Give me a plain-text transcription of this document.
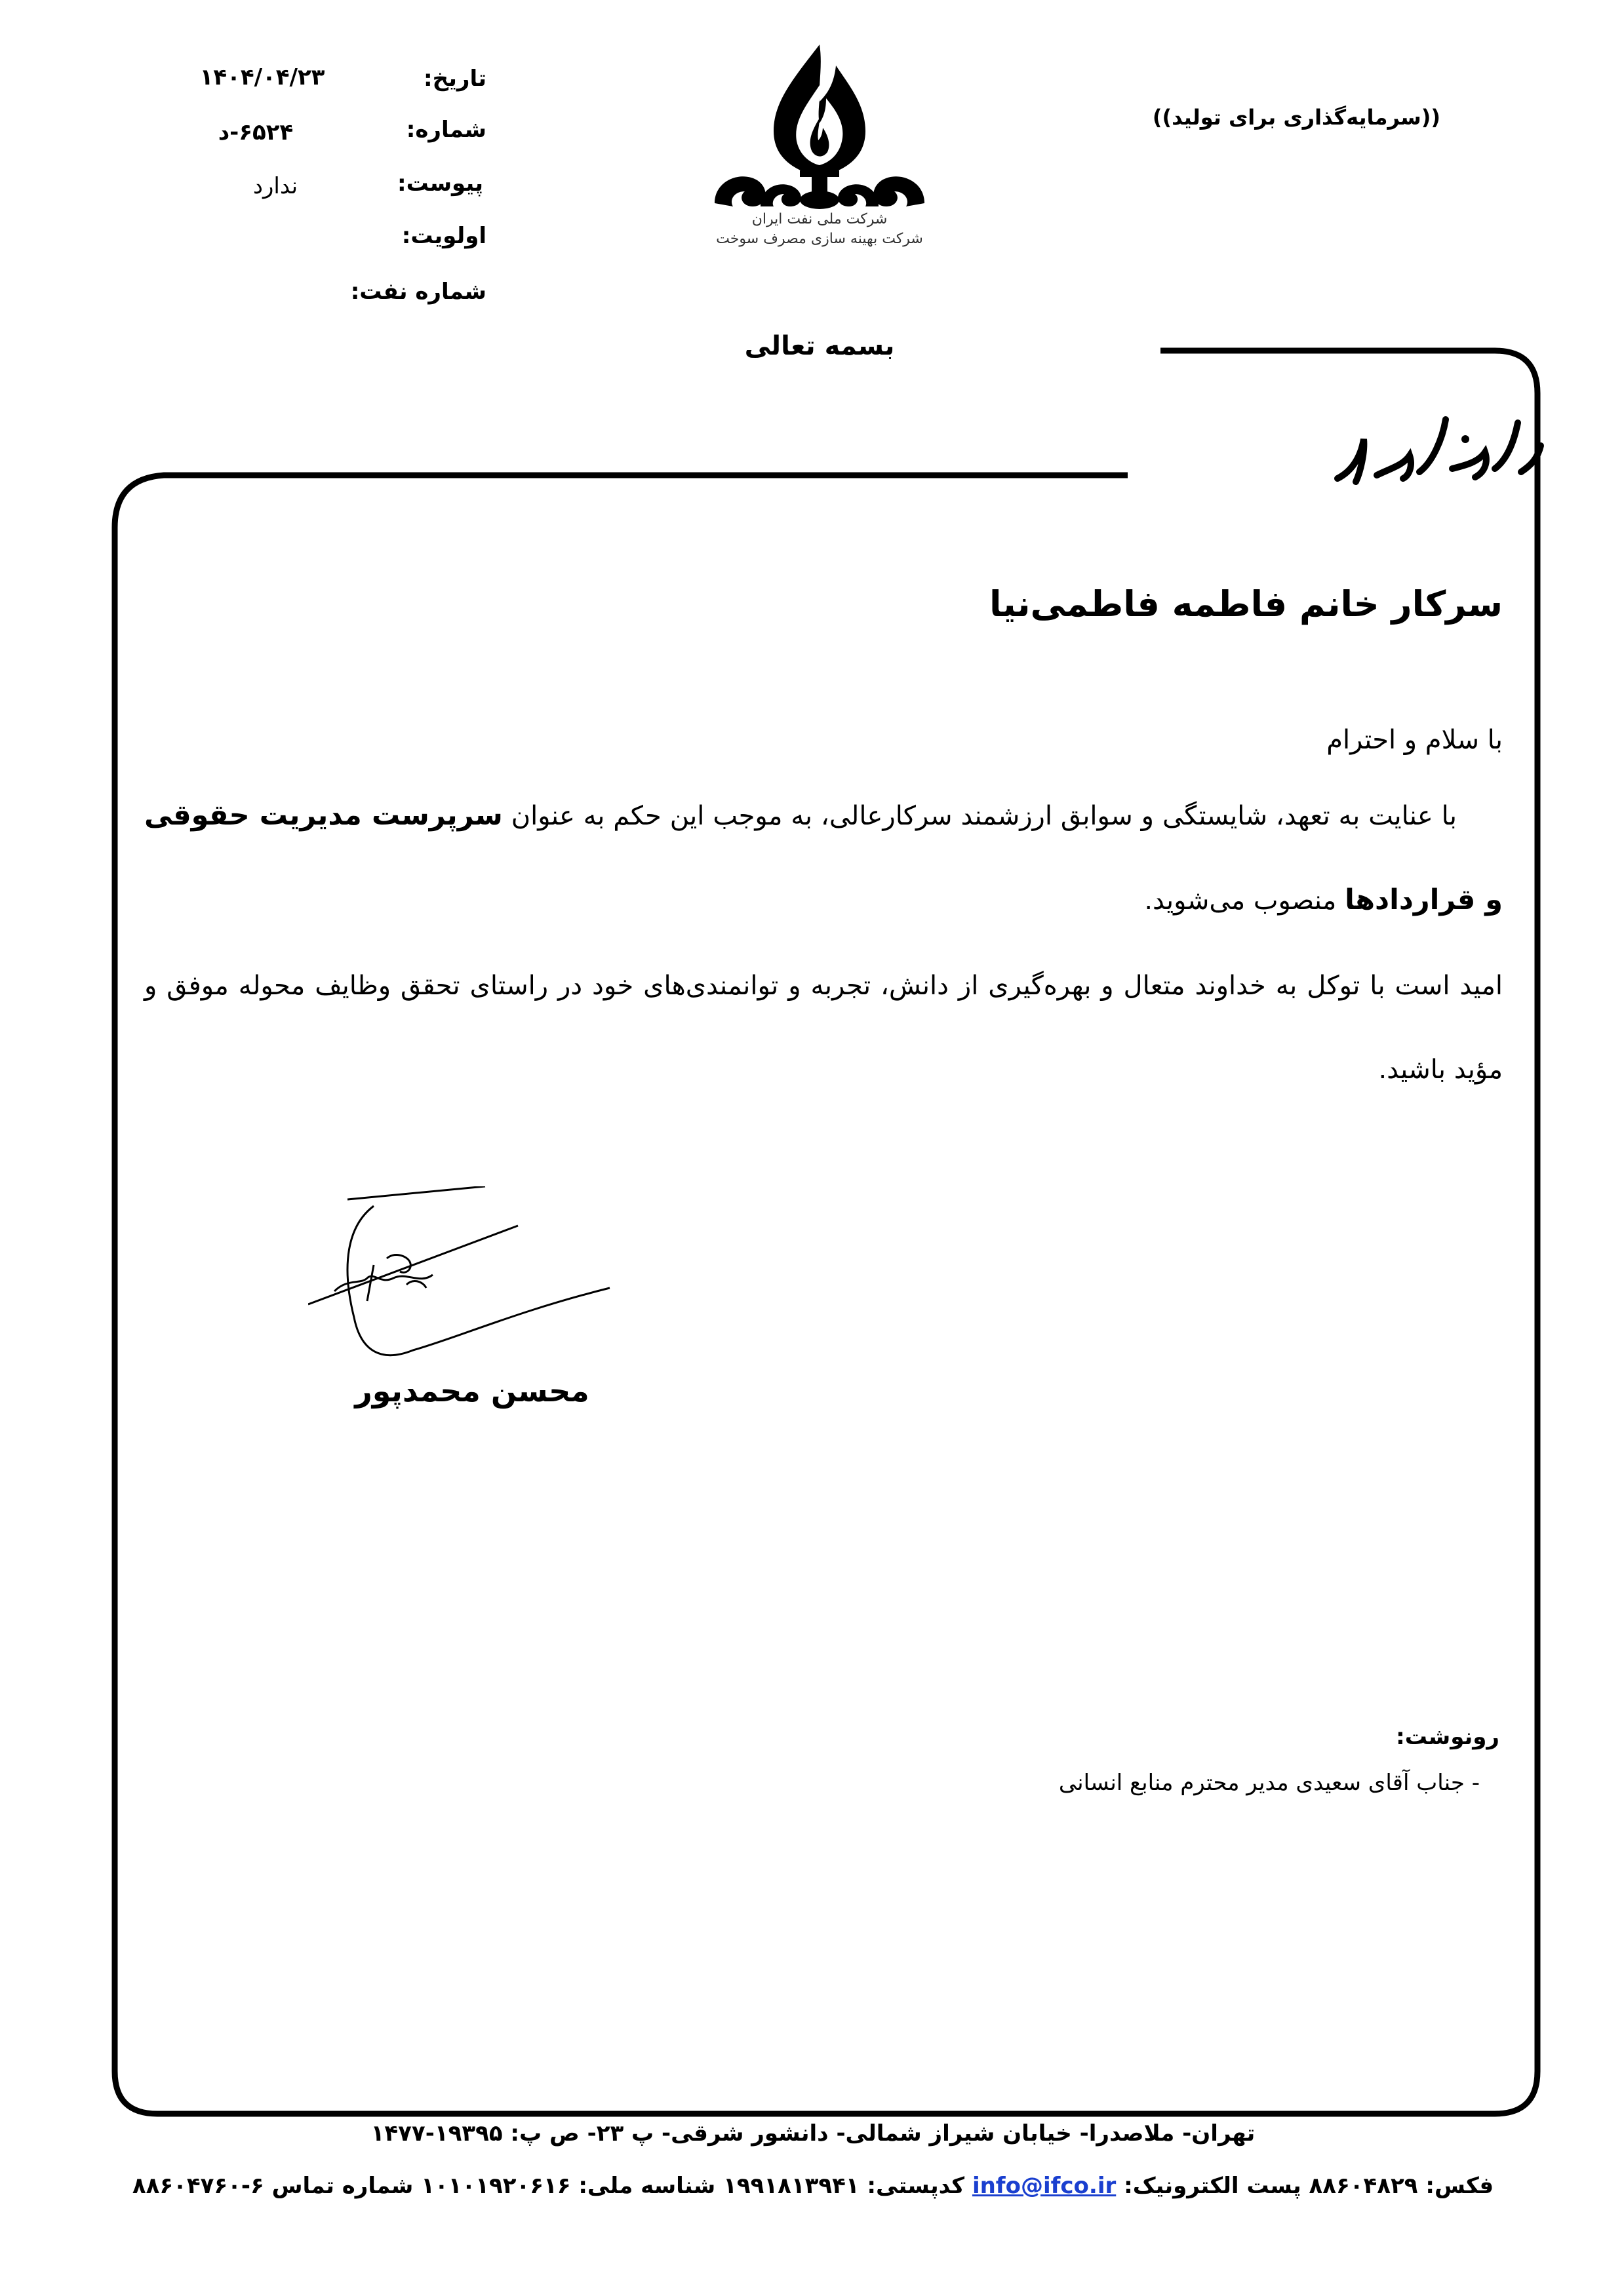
تاریخ:
۱۴۰۴/۰۴/۲۳
شماره:
۶۵۲۴-د
پیوست:
ندارد
اولویت:
شماره نفت:
((سرمایه‌گذاری برای تولید))
شرکت ملی نفت ایران
شرکت بهینه سازی مصرف سوخت
بسمه تعالی
سرکار خانم فاطمه فاطمی‌نیا
با سلام و احترام
با عنایت به تعهد، شایستگی و سوابق ارزشمند سرکارعالی، به موجب این حکم به عنوان سرپرست مدیریت حقوقی و قراردادها منصوب می‌شوید.
امید است با توکل به خداوند متعال و بهره‌گیری از دانش، تجربه و توانمندی‌های خود در راستای تحقق وظایف محوله موفق و مؤید باشید.
محسن محمدپور
رونوشت:
- جناب آقای سعیدی مدیر محترم منابع انسانی
تهران- ملاصدرا- خیابان شیراز شمالی- دانشور شرقی- پ ۲۳- ص پ: ۱۹۳۹۵-۱۴۷۷
فکس: ۸۸۶۰۴۸۲۹ پست الکترونیک: info@ifco.ir کدپستی: ۱۹۹۱۸۱۳۹۴۱ شناسه ملی: ۱۰۱۰۱۹۲۰۶۱۶ شماره تماس ۶-۸۸۶۰۴۷۶۰
